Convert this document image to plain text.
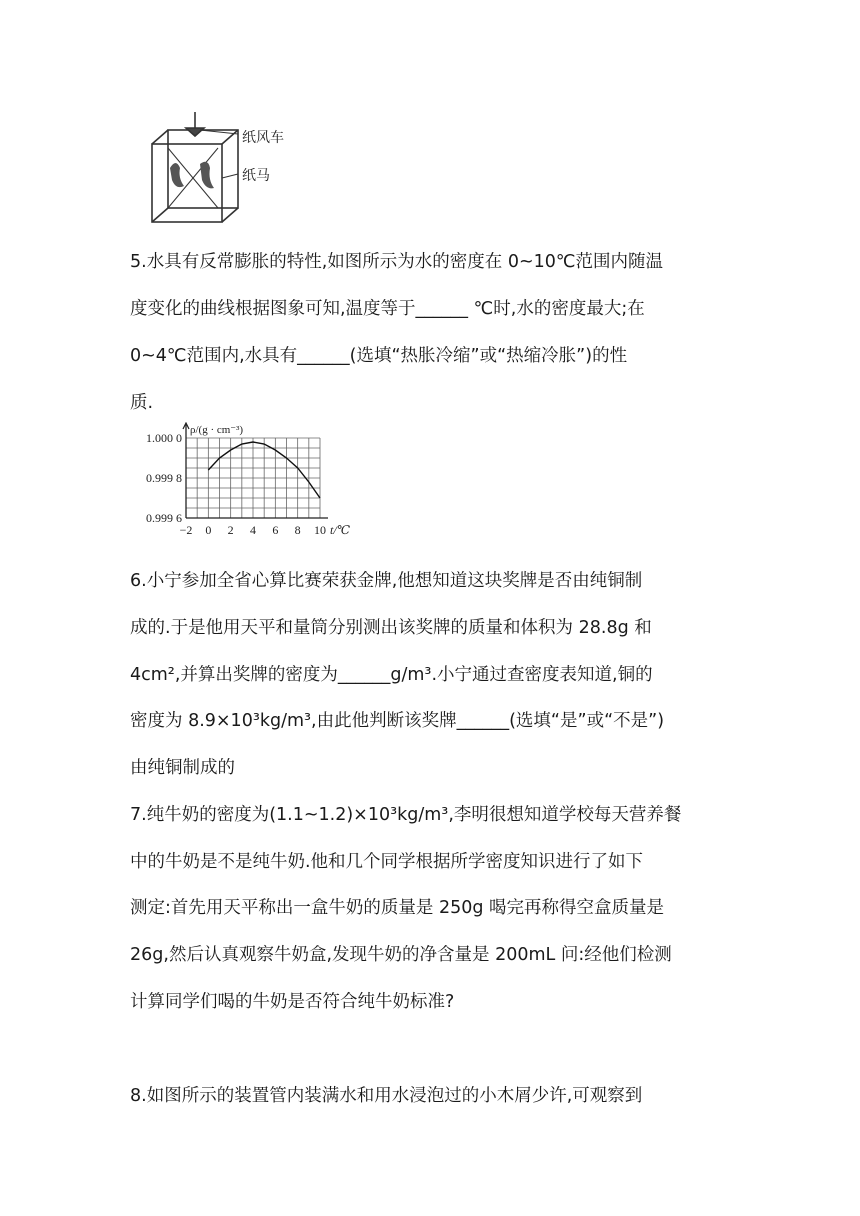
纸风车
纸马
5.水具有反常膨胀的特性,如图所示为水的密度在 0~10℃范围内随温
度变化的曲线根据图象可知,温度等于______ ℃时,水的密度最大;在
0~4℃范围内,水具有______(选填“热胀冷缩”或“热缩冷胀”)的性
质.
ρ/(g · cm⁻³)
t/℃
−2 0 2 4 6 8 10
1.000 0
0.999 8
0.999 6
6.小宁参加全省心算比赛荣获金牌,他想知道这块奖牌是否由纯铜制
成的.于是他用天平和量筒分别测出该奖牌的质量和体积为 28.8g 和
4cm²,并算出奖牌的密度为______g/m³.小宁通过查密度表知道,铜的
密度为 8.9×10³kg/m³,由此他判断该奖牌______(选填“是”或“不是”)
由纯铜制成的
7.纯牛奶的密度为(1.1~1.2)×10³kg/m³,李明很想知道学校每天营养餐
中的牛奶是不是纯牛奶.他和几个同学根据所学密度知识进行了如下
测定:首先用天平称出一盒牛奶的质量是 250g 喝完再称得空盒质量是
26g,然后认真观察牛奶盒,发现牛奶的净含量是 200mL 问:经他们检测
计算同学们喝的牛奶是否符合纯牛奶标准?
8.如图所示的装置管内装满水和用水浸泡过的小木屑少许,可观察到
